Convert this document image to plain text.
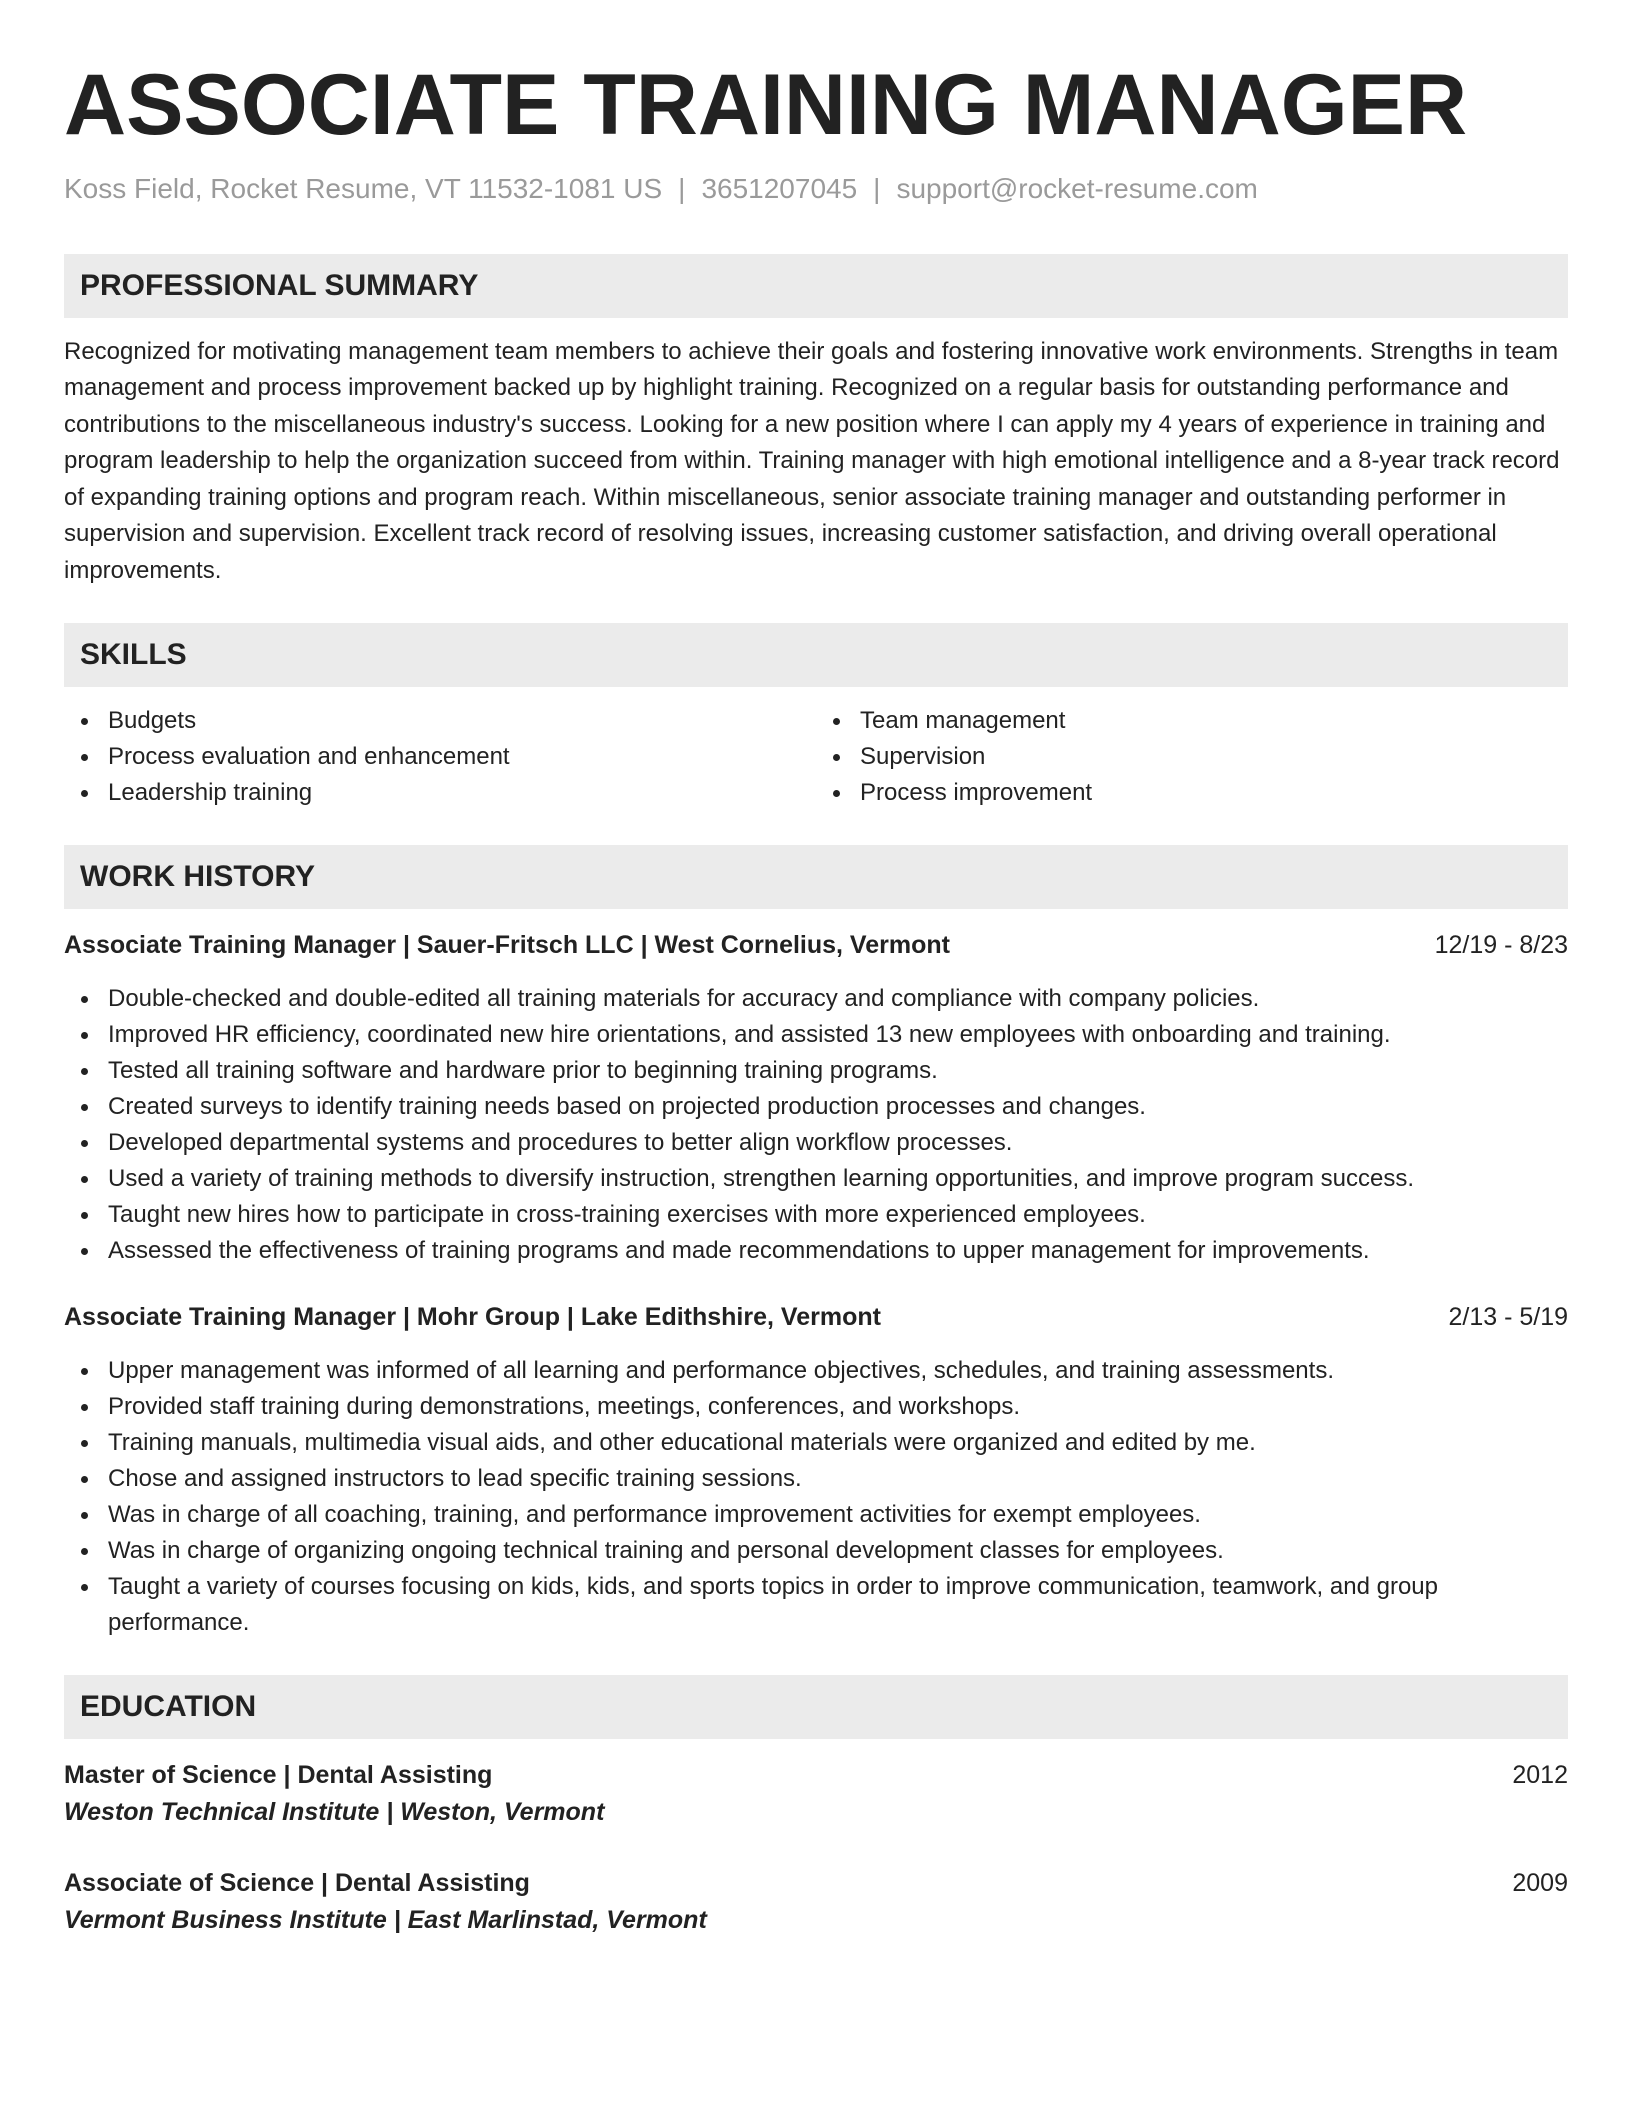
ASSOCIATE TRAINING MANAGER
Koss Field, Rocket Resume, VT 11532-1081 US | 3651207045 | support@rocket-resume.com
PROFESSIONAL SUMMARY
Recognized for motivating management team members to achieve their goals and fostering innovative work environments. Strengths in team management and process improvement backed up by highlight training. Recognized on a regular basis for outstanding performance and contributions to the miscellaneous industry's success. Looking for a new position where I can apply my 4 years of experience in training and program leadership to help the organization succeed from within. Training manager with high emotional intelligence and a 8-year track record of expanding training options and program reach. Within miscellaneous, senior associate training manager and outstanding performer in supervision and supervision. Excellent track record of resolving issues, increasing customer satisfaction, and driving overall operational improvements.
SKILLS
Budgets
Process evaluation and enhancement
Leadership training
Team management
Supervision
Process improvement
WORK HISTORY
Associate Training Manager | Sauer-Fritsch LLC | West Cornelius, Vermont	12/19 - 8/23
Double-checked and double-edited all training materials for accuracy and compliance with company policies.
Improved HR efficiency, coordinated new hire orientations, and assisted 13 new employees with onboarding and training.
Tested all training software and hardware prior to beginning training programs.
Created surveys to identify training needs based on projected production processes and changes.
Developed departmental systems and procedures to better align workflow processes.
Used a variety of training methods to diversify instruction, strengthen learning opportunities, and improve program success.
Taught new hires how to participate in cross-training exercises with more experienced employees.
Assessed the effectiveness of training programs and made recommendations to upper management for improvements.
Associate Training Manager | Mohr Group | Lake Edithshire, Vermont	2/13 - 5/19
Upper management was informed of all learning and performance objectives, schedules, and training assessments.
Provided staff training during demonstrations, meetings, conferences, and workshops.
Training manuals, multimedia visual aids, and other educational materials were organized and edited by me.
Chose and assigned instructors to lead specific training sessions.
Was in charge of all coaching, training, and performance improvement activities for exempt employees.
Was in charge of organizing ongoing technical training and personal development classes for employees.
Taught a variety of courses focusing on kids, kids, and sports topics in order to improve communication, teamwork, and group performance.
EDUCATION
Master of Science | Dental Assisting	2012
Weston Technical Institute | Weston, Vermont
Associate of Science | Dental Assisting	2009
Vermont Business Institute | East Marlinstad, Vermont
